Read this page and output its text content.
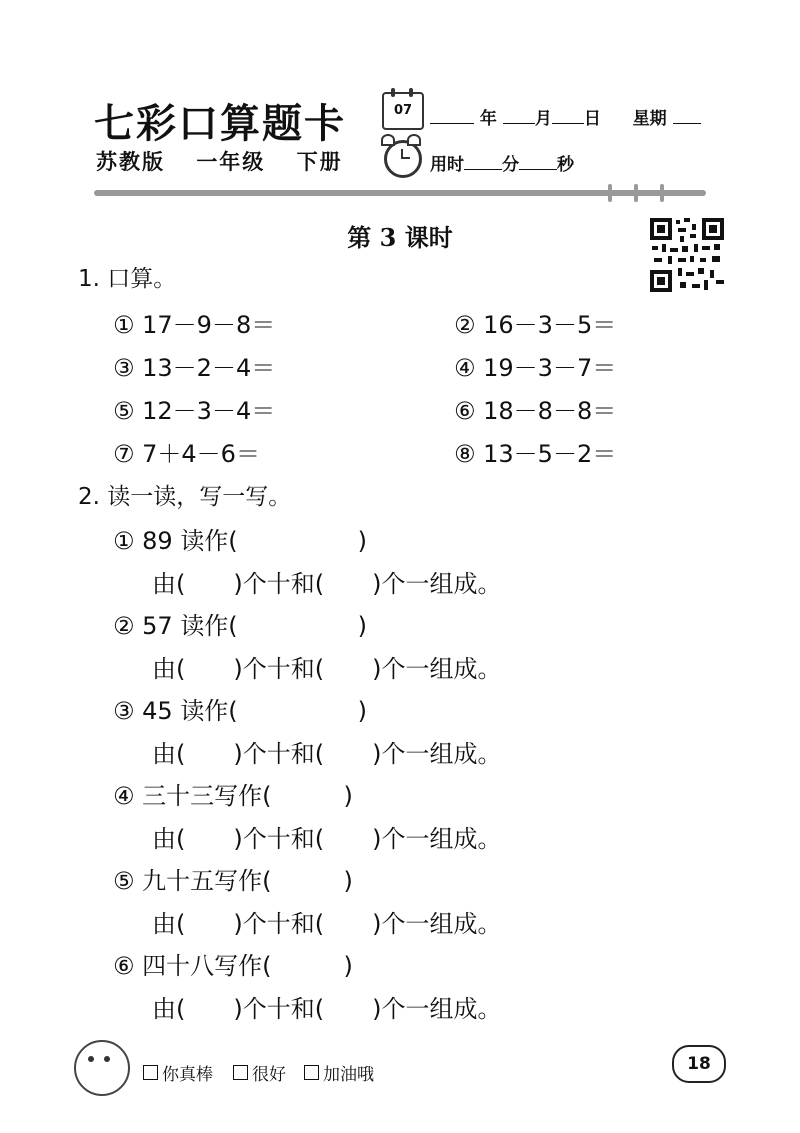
七彩口算题卡
苏教版 一年级 下册
07	年 月 日 星期
用时 分 秒
第 3 课时
1. 口算。
① 17－9－8＝	② 16－3－5＝
③ 13－2－4＝	④ 19－3－7＝
⑤ 12－3－4＝	⑥ 18－8－8＝
⑦ 7＋4－6＝	⑧ 13－5－2＝
2. 读一读，写一写。
① 89 读作(　　　　　)
由(　　)个十和(　　)个一组成。
② 57 读作(　　　　　)
由(　　)个十和(　　)个一组成。
③ 45 读作(　　　　　)
由(　　)个十和(　　)个一组成。
④ 三十三写作(　　　)
由(　　)个十和(　　)个一组成。
⑤ 九十五写作(　　　)
由(　　)个十和(　　)个一组成。
⑥ 四十八写作(　　　)
由(　　)个十和(　　)个一组成。
你真棒 很好 加油哦
18
